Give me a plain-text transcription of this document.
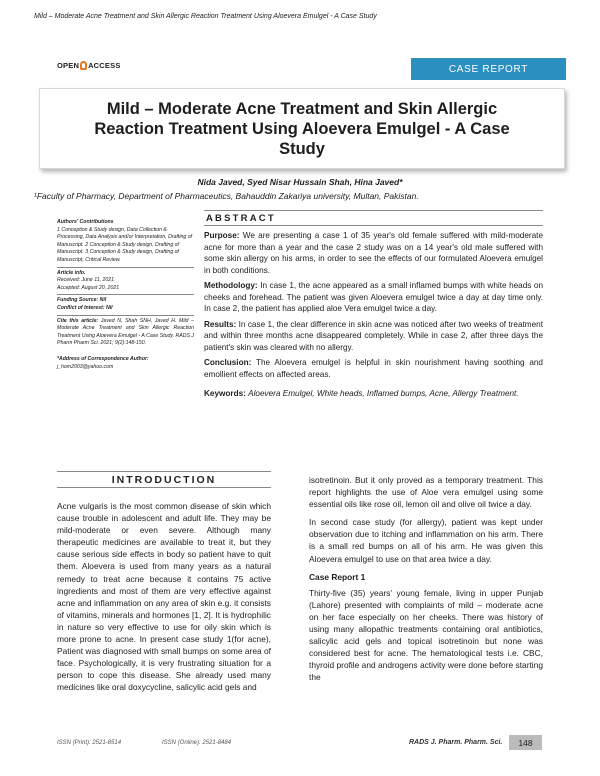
Mild – Moderate Acne Treatment and Skin Allergic Reaction Treatment Using Aloevera Emulgel - A Case Study
OPEN ACCESS	CASE REPORT
Mild – Moderate Acne Treatment and Skin Allergic Reaction Treatment Using Aloevera Emulgel - A Case Study
Nida Javed, Syed Nisar Hussain Shah, Hina Javed*
¹Faculty of Pharmacy, Department of Pharmaceutics, Bahauddin Zakariya university, Multan, Pakistan.
Authors' Contributions
1 Conception & Study design, Data Collection & Processing, Data Analysis and/or Interpretation, Drafting of Manuscript. 2 Conception & Study design, Drafting of Manuscript. 3 Conception & Study design, Drafting of Manuscript, Critical Review.
Article info.
Received: June 11, 2021
Accepted: August 20, 2021
Funding Source: Nil
Conflict of Interest: Nil
Cite this article: Javed N, Shah SNH, Javed H. Mild – Moderate Acne Treatment and Skin Allergic Reaction Treatment Using Aloevera Emulgel - A Case Study. RADS J Pharm Pharm Sci. 2021; 9(2):148-150.
*Address of Correspondence Author:
j_hom2003@yahoo.com
ABSTRACT

Purpose: We are presenting a case 1 of 35 year's old female suffered with mild-moderate acne for more than a year and the case 2 study was on a 14 year's old male suffered with some skin allergy on his arms, in order to see the effects of our formulated Aloevera emulgel in both conditions.

Methodology: In case 1, the acne appeared as a small inflamed bumps with white heads on cheeks and forehead. The patient was given Aloevera emulgel twice a day at day time only. In case 2, the patient has applied aloe Vera emulgel twice a day.

Results: In case 1, the clear difference in skin acne was noticed after two weeks of treatment and within three months acne disappeared completely. While in case 2, after three days the patient's skin was cleared with no allergy.

Conclusion: The Aloevera emulgel is helpful in skin nourishment having soothing and emollient effects on affected areas.

Keywords: Aloevera Emulgel, White heads, Inflamed bumps, Acne, Allergy Treatment.

INTRODUCTION

Acne vulgaris is the most common disease of skin which cause trouble in adolescent and adult life. They may be mild-moderate or even severe. Although many therapeutic medicines are available to treat it, but they cause serious side effects in body so patient have to quit them. Aloevera is used from many years as a natural remedy to treat acne because it contains 75 active ingredients and most of them are very effective against acne and inflammation on any area of skin e.g. it consists of vitamins, minerals and hormones [1, 2]. It is hydrophilic in nature so very effective to use for oily skin which is more prone to acne. In present case study 1(for acne), Patient was diagnosed with small bumps on some area of face. Psychologically, it is very frustrating situation for a person to cope this disease. She already used many medicines like oral doxycycline, salicylic acid gels and

isotretinoin. But it only proved as a temporary treatment. This report highlights the use of Aloe vera emulgel using some essential oils like rose oil, lemon oil and olive oil twice a day.

In second case study (for allergy), patient was kept under observation due to itching and inflammation on his arm. There is a small red bumps on all of his arm. He was given this Aloevera emulgel to use on that area twice a day.

Case Report 1

Thirty-five (35) years' young female, living in upper Punjab (Lahore) presented with complaints of mild – moderate acne on her face especially on her cheeks. There was history of using many allopathic treatments containing oral antibiotics, salicylic acid gels and topical isotretinoin but none was considered best for acne. The hematological tests i.e. CBC, thyroid profile and androgens activity were done before starting the

ISSN (Print): 2521-8514	ISSN (Online): 2521-8484	RADS J. Pharm. Pharm. Sci.	148
